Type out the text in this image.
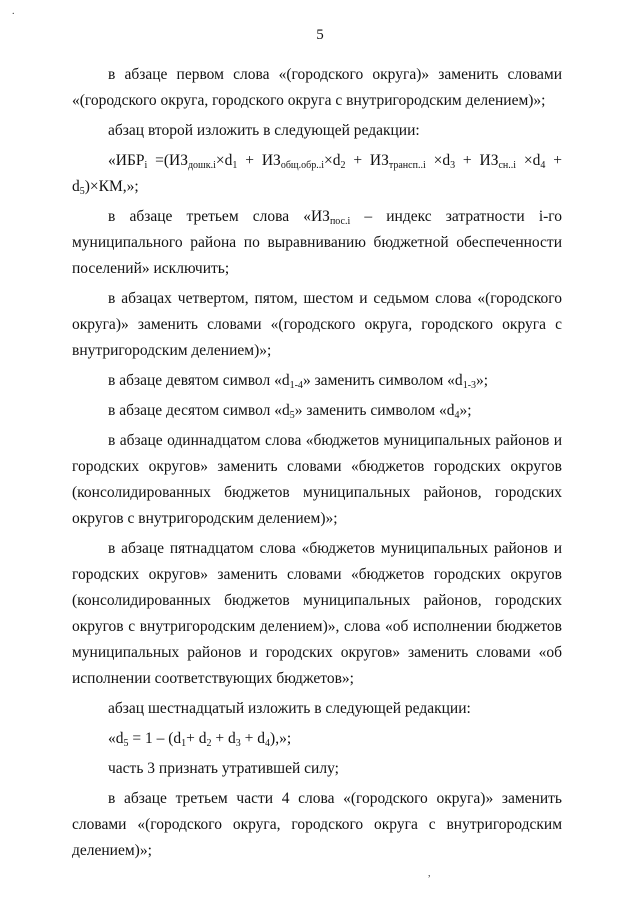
.
,
5

в абзаце первом слова «(городского округа)» заменить словами «(городского округа, городского округа с внутригородским делением)»;

абзац второй изложить в следующей редакции:

«$ИБР_i =(ИЗ_{дошк.i}\times d_1 + ИЗ_{общ.обр..i}\times d_2 + ИЗ_{трансп..i} \times d_3 + ИЗ_{сн..i} \times d_4 + d_5)\times КМ$,»;

в абзаце третьем слова «$ИЗ_{пос.i}$ – индекс затратности i-го муниципального района по выравниванию бюджетной обеспеченности поселений» исключить;

в абзацах четвертом, пятом, шестом и седьмом слова «(городского округа)» заменить словами «(городского округа, городского округа с внутригородским делением)»;

в абзаце девятом символ «$d_{1-4}$» заменить символом «$d_{1-3}$»;

в абзаце десятом символ «$d_5$» заменить символом «$d_4$»;

в абзаце одиннадцатом слова «бюджетов муниципальных районов и городских округов» заменить словами «бюджетов городских округов (консолидированных бюджетов муниципальных районов, городских округов с внутригородским делением)»;

в абзаце пятнадцатом слова «бюджетов муниципальных районов и городских округов» заменить словами «бюджетов городских округов (консолидированных бюджетов муниципальных районов, городских округов с внутригородским делением)», слова «об исполнении бюджетов муниципальных районов и городских округов» заменить словами «об исполнении соответствующих бюджетов»;

абзац шестнадцатый изложить в следующей редакции:

«$d_5 = 1 - (d_1+ d_2 + d_3 + d_4)$,»;

часть 3 признать утратившей силу;

в абзаце третьем части 4 слова «(городского округа)» заменить словами «(городского округа, городского округа с внутригородским делением)»;
